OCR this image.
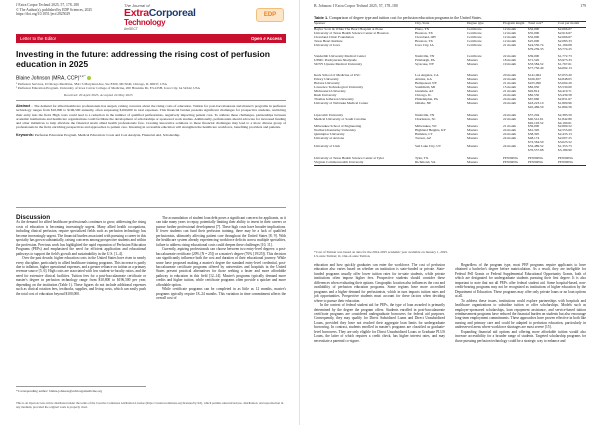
J Extra Corpor Technol 2025, 57, 178–180
© The Author(s), published by EDP Sciences, 2025
https://doi.org/10.1051/ject/2025029
The Journal of
ExtraCorporeal
Technology
AmSECT
EDP
Letter to the Editor	Open ∂ Access
Investing in the future: addressing the rising cost of perfusion education in 2025
Blaine Johnson (MRA, CCP)$^{1,2,*}$
¹ Perfusion Services, UChicago Medicine, 5841 S Maryland Ave, Ste E300, MC5040, Chicago, IL 60637, USA
² Perfusion Education Program, University of Iowa Carver College of Medicine, 200 Hawkins Dr, E3-225H, Iowa City, IA 52242, USA
Received: 20 April 2025, Accepted 24 May 2025
Abstract – The demand for allied healthcare professionals has surged, raising concerns about the rising costs of education. Tuition for post-baccalaureate and master's programs in perfusion technology ranges from $10,800 to $196,500 annually, often surpassing $100,000 in total expenses. This financial burden presents significant challenges for prospective students, restricting their entry into the field. High costs could lead to a reduction in the number of qualified perfusionists, negatively impacting patient care. To address these challenges, partnerships between academic institutions and healthcare organizations could facilitate the development of scholarships or sponsored work studies. Additionally, perfusionists should advocate for increased funding and other initiatives to help alleviate the financial strain allied health professionals face. Creating innovative solutions to these financial challenges may lead to a more diverse group of professionals in the field, enriching perspectives and approaches to patient care. Investing in accessible education will strengthen the healthcare workforce, benefiting providers and patients.
Keywords: Perfusion Education Program, Medical Education: Costs and Cost Analysis, Financial Aid, Scholarship.
Discussion

As the demand for allied healthcare professionals continues to grow, addressing the rising costs of education is becoming increasingly urgent. Many allied health occupations, including clinical perfusion, require specialized fields such as perfusion technology has become increasingly urgent. The financial burden associated with pursuing a career in this specialty has grown substantially, raising concerns among prospective students and within the profession. Previous work has highlighted the rapid expansion of Perfusion Education Programs (PEPs) and emphasized the need for efficient application and educational pathways to support the field's growth and sustainability in the U.S. [1–4].

Over the past decade, higher education costs in the United States have risen in nearly every discipline, particularly in allied healthcare training programs. This increase is partly due to inflation, higher operational expenses, and a greater reliance on tuition as a primary revenue source [5, 6]. High costs are associated with low student-to-faculty ratios, and the need for extensive clinical facilities. Tuition fees for a post-baccalaureate certificate or master's degree in perfusion technology range from $10,800 to $196,500 per year, depending on the institution (Table 1). These figures do not include additional expenses such as clinical rotation fees, textbooks, supplies, and living costs, which can easily push the total cost of education beyond $100,000.

The accumulation of student loan debt poses a significant concern for applicants, as it can take many years to repay, potentially limiting their ability to invest in their careers or pursue further professional development [7]. These high costs have broader implications. If fewer students can fund their perfusion training, there may be a lack of qualified perfusionists, ultimately affecting patient care throughout the United States [8, 9]. With the healthcare system already experiencing workforce deficits across multiple specialties, failure to address rising educational costs could deepen these challenges [10, 11].

Currently, aspiring professionals can choose between two entry-level degrees: a post-baccalaureate certificate (20% [N = 25]) or a master's degree (76% [19/25]). This decision can significantly influence both the cost and duration of their educational journey. While some have proposed making a master's degree the standard entry-level credential, post-baccalaureate certificate programs offered by universities and hospitals in the United States present practical alternatives for those seeking a faster and more affordable pathway to education in this field [12–14]. Master's programs typically demand more credits and higher tuition, while certificate programs often provide a quicker and more affordable option.

While certificate programs can be completed in as little as 12 months, master's programs typically require 18–24 months. This variation in time commitment affects the overall cost of

*Corresponding author: blaine.johnson@uchicagomedicine.org
This is an Open Access article distributed under the terms of the Creative Commons Attribution License (https://creativecommons.org/licenses/by/4.0), which permits unrestricted use, distribution, and reproduction in any medium, provided the original work is properly cited.
B. Johnson: J Extra Corpor Technol 2025, 57, 178–180	179
Table 1. Comparison of degree type and tuition cost for perfusion education programs in the United States.
Sponsor	City, State	Degree type	Program length	Total cost*	Cost per month
Baylor Scott & White The Heart Hospital at Plano	Plano, TX	Certificate	12 month	$32,000	$2,666.67
University of Texas Health Science Center at Houston	Houston, TX	Certificate	12 month	$35,000	$2,916.67
Cleveland Clinic Foundation	Cleveland, OH	Certificate	12 month	$32,000	$2,666.67
Texas Heart Institute	Houston, TX	Certificate	12 month	$25,000	$2,083.33
University of Iowa	Iowa City, IA	Certificate	21 month	$24,550.74	$1,169.08
				$79,259.33	$3,774.25

Vanderbilt University Medical Center	Nashville, TN	Certificate	22 month	$39,000	$1,772.73
UPMC Presbyterian Shadyside	Pittsburgh, PA	Masters	18 month	$71,520	$3,973.33
SUNY Upstate Medical University	Syracuse, NY	Masters	19 month	$33,584.52	$1,767.61
				$77,750.40	$4,092.13

Keck School of Medicine of USC	Los Angeles, CA	Masters	20 month	$141,064	$7,053.20
Emory University	Atlanta, GA	Masters	22 month	$106,657	$4,848.05
Hofstra University	Hempstead, NY	Masters	21 month	$105,090	$5,004.29
Lawrence Technological University	Southfield, MI	Masters	15 month	$82,950	$5,530.00
Midwestern University	Glendale, AZ	Masters	21 month	$92,814	$4,419.71
Rush University	Chicago, IL	Masters	24 month	$82,550	$3,439.58
Thomas Jefferson University	Philadelphia, PA	Masters	24 month	$67,960	$2,831.67
University of Nebraska Medical Center	Omaha, NE	Masters	24 month	$43,223.10	$1,800.96
				$45,469.50	$1,894.56

Lipscomb University	Nashville, TN	Masters	24 month	$57,204	$2,383.50
Medical University of South Carolina	Charleston, SC	Masters	22 month	$40,541.61	$1,842.80
				$92,193.52	$4,190.61
Milwaukee School of Engineering	Milwaukee, WI	Masters	21 month	$59,000	$2,809.52
Northern Kentucky University	Highland Heights, KY	Masters	24 month	$61,320	$2,555.00
Quinnipiac University	Hamden, CT	Masters	24 month	$58,395	$2,433.13
University of Arizona	Tucson, AZ	Masters	24 month	$48,174	$2,007.25
				$72,564.50	$3,023.52
University of Utah	Salt Lake City, UT	Masters	24 month	$32,489.52	$1,353.73
				$76,557.68	$3,189.90

University of Texas Health Science Center at Tyler	Tyler, TX	Masters	PENDING	PENDING	PENDING
Virginia Commonwealth University	Richmond, VA	Masters	PENDING	PENDING	PENDING
*Cost of Tuition was based on data for the 2024-2025 academic year available on January 1, 2025.
I-S-state Tuition; O- Out-of-state Tuition.

education and how quickly graduates can enter the workforce. The cost of perfusion education also varies based on whether an institution is state-funded or private. State-funded programs usually offer lower tuition rates for in-state students, while private institutions often impose higher fees. Prospective students should consider these differences when evaluating their options. Geographic location also influences the cost and availability of perfusion education programs. Some regions have more accredited programs and a higher demand for perfusionists, which in turn impacts tuition rates and job opportunities. Prospective students must account for these factors when deciding where to pursue their education.

In the context of federal student aid for PEPs, the type of loan awarded is primarily determined by the degree the program offers. Students enrolled in post-baccalaureate certificate programs are considered undergraduate borrowers for federal aid purposes. Consequently, they may qualify for Direct Subsidized Loans and Direct Unsubsidized Loans, provided they have not reached their aggregate loan limits for undergraduate borrowing. In contrast, students enrolled in master's programs are classified as graduate-level borrowers. They are only eligible for Direct Unsubsidized Loans or Graduate PLUS Loans, the latter of which requires a credit check, has higher interest rates, and may necessitate a parental co-signer.

Regardless of the program type, most PEP programs require applicants to have obtained a bachelor's degree before matriculation. As a result, they are ineligible for Federal Pell Grants or Federal Supplemental Educational Opportunity Grants, both of which are designated for undergraduate students pursuing their first degree. It is also important to note that not all PEPs offer federal student aid. Some hospital-based, non-credit-bearing programs may not be recognized as institutions of higher education by the Department of Education. These programs may offer only private loans or no loan options at all.

To address these issues, institutions could explore partnerships with hospitals and healthcare organizations to subsidize tuition or offer scholarships. Models such as employer-sponsored scholarships, loan repayment assistance, and service-based tuition reimbursement programs have reduced the financial burden on students but also encourage long-term employment commitments. These approaches have proven effective in both like nursing and primary care and could be adapted to perfusion education, particularly in underserved areas where workforce shortages are most severe [15].

Expanding financial aid options and offering more affordable tuition would also increase accessibility for a broader range of students. Targeted scholarship programs for those pursuing perfusion technology could be a strategic way to enhance and
